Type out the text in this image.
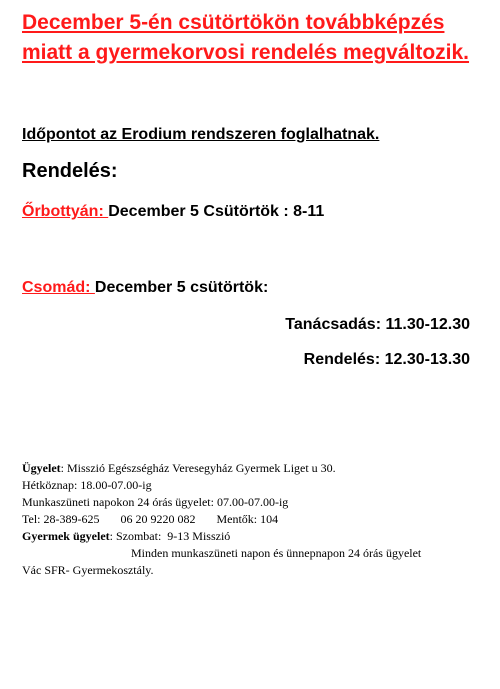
December 5-én csütörtökön továbbképzés
miatt a gyermekorvosi rendelés megváltozik.
Időpontot az Erodium rendszeren foglalhatnak.
Rendelés:
Őrbottyán: December 5 Csütörtök : 8-11
Csomád: December 5 csütörtök:
Tanácsadás: 11.30-12.30
Rendelés: 12.30-13.30
Ügyelet: Misszió Egészségház Veresegyház Gyermek Liget u 30.
Hétköznap: 18.00-07.00-ig
Munkaszüneti napokon 24 órás ügyelet: 07.00-07.00-ig
Tel: 28-389-625       06 20 9220 082       Mentők: 104
Gyermek ügyelet: Szombat:  9-13 Misszió
Minden munkaszüneti napon és ünnepnapon 24 órás ügyelet
Vác SFR- Gyermekosztály.
